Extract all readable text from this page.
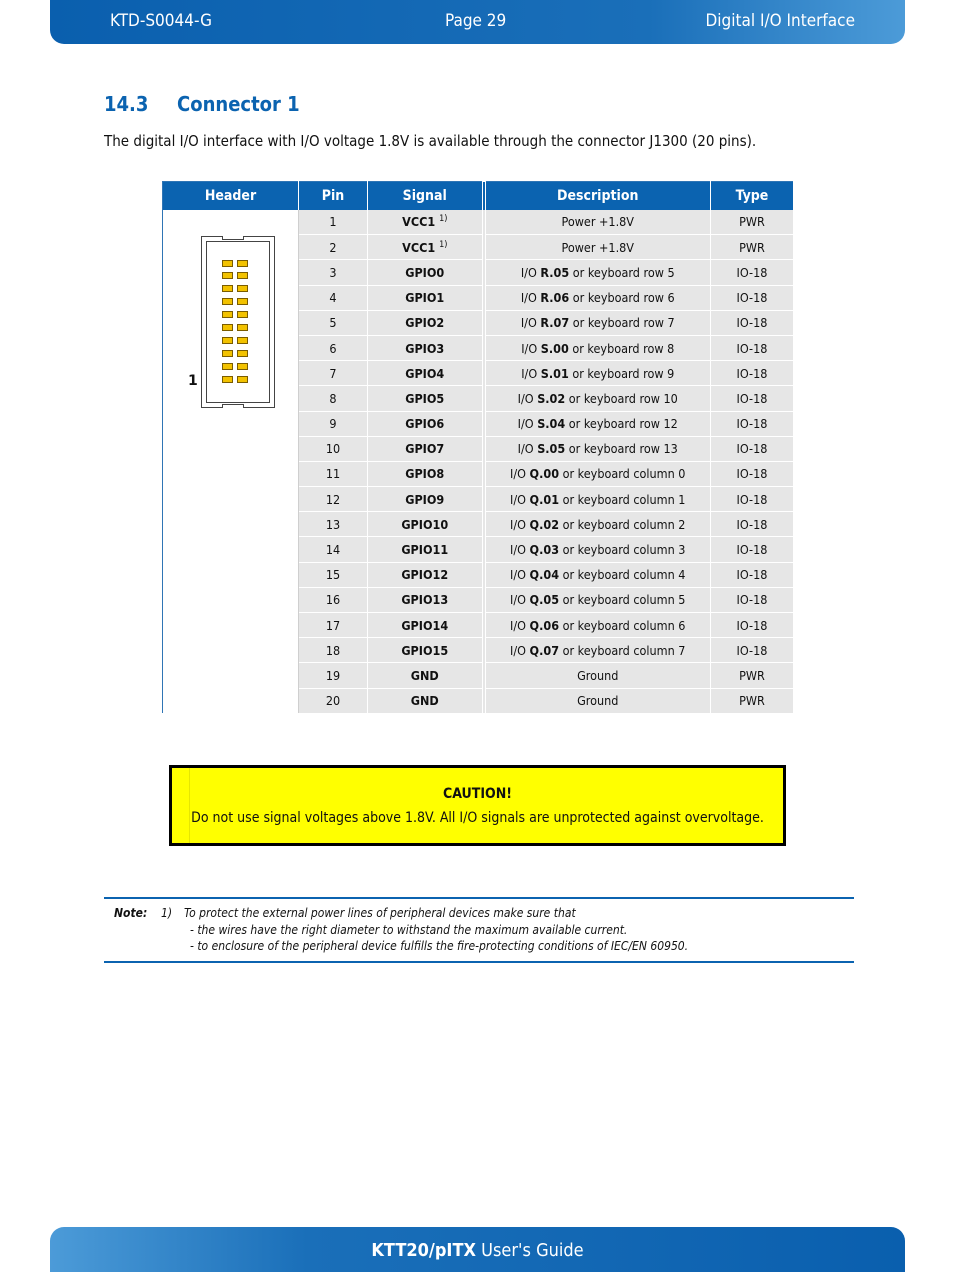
KTD-S0044-G	Page 29	Digital I/O Interface
14.3 Connector 1
The digital I/O interface with I/O voltage 1.8V is available through the connector J1300 (20 pins).
Header	Pin	Signal	Description	Type

1	1	VCC1 $^{1)}$	Power +1.8V	PWR
	2	VCC1 $^{1)}$	Power +1.8V	PWR
	3	GPIO0	I/O R.05 or keyboard row 5	IO-18
	4	GPIO1	I/O R.06 or keyboard row 6	IO-18
	5	GPIO2	I/O R.07 or keyboard row 7	IO-18
	6	GPIO3	I/O S.00 or keyboard row 8	IO-18
	7	GPIO4	I/O S.01 or keyboard row 9	IO-18
	8	GPIO5	I/O S.02 or keyboard row 10	IO-18
	9	GPIO6	I/O S.04 or keyboard row 12	IO-18
	10	GPIO7	I/O S.05 or keyboard row 13	IO-18
	11	GPIO8	I/O Q.00 or keyboard column 0	IO-18
	12	GPIO9	I/O Q.01 or keyboard column 1	IO-18
	13	GPIO10	I/O Q.02 or keyboard column 2	IO-18
	14	GPIO11	I/O Q.03 or keyboard column 3	IO-18
	15	GPIO12	I/O Q.04 or keyboard column 4	IO-18
	16	GPIO13	I/O Q.05 or keyboard column 5	IO-18
	17	GPIO14	I/O Q.06 or keyboard column 6	IO-18
	18	GPIO15	I/O Q.07 or keyboard column 7	IO-18
	19	GND	Ground	PWR
	20	GND	Ground	PWR
CAUTION!
Do not use signal voltages above 1.8V. All I/O signals are unprotected against overvoltage.
Note: 1) To protect the external power lines of peripheral devices make sure that
- the wires have the right diameter to withstand the maximum available current.
- to enclosure of the peripheral device fulfills the fire-protecting conditions of IEC/EN 60950.
KTT20/pITX User's Guide
